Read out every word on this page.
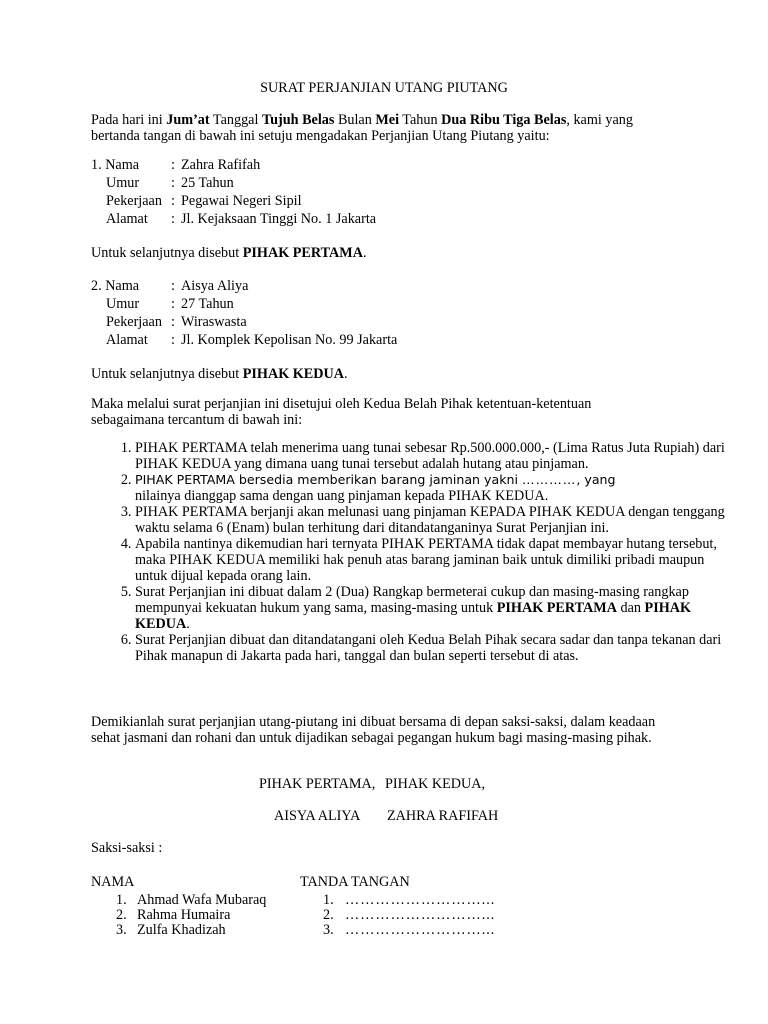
SURAT PERJANJIAN UTANG PIUTANG
Pada hari ini Jum’at Tanggal Tujuh Belas Bulan Mei Tahun Dua Ribu Tiga Belas, kami yang
bertanda tangan di bawah ini setuju mengadakan Perjanjian Utang Piutang yaitu:
1. Nama : Zahra Rafifah
Umur : 25 Tahun
Pekerjaan : Pegawai Negeri Sipil
Alamat : Jl. Kejaksaan Tinggi No. 1 Jakarta
Untuk selanjutnya disebut PIHAK PERTAMA.
2. Nama : Aisya Aliya
Umur : 27 Tahun
Pekerjaan : Wiraswasta
Alamat : Jl. Komplek Kepolisan No. 99 Jakarta
Untuk selanjutnya disebut PIHAK KEDUA.
Maka melalui surat perjanjian ini disetujui oleh Kedua Belah Pihak ketentuan-ketentuan
sebagaimana tercantum di bawah ini:
1. PIHAK PERTAMA telah menerima uang tunai sebesar Rp.500.000.000,- (Lima Ratus Juta Rupiah) dari PIHAK KEDUA yang dimana uang tunai tersebut adalah hutang atau pinjaman.
2. PIHAK PERTAMA bersedia memberikan barang jaminan yakni …………, yang
nilainya dianggap sama dengan uang pinjaman kepada PIHAK KEDUA.
3. PIHAK PERTAMA berjanji akan melunasi uang pinjaman KEPADA PIHAK KEDUA dengan tenggang waktu selama 6 (Enam) bulan terhitung dari ditandatanganinya Surat Perjanjian ini.
4. Apabila nantinya dikemudian hari ternyata PIHAK PERTAMA tidak dapat membayar hutang tersebut, maka PIHAK KEDUA memiliki hak penuh atas barang jaminan baik untuk dimiliki pribadi maupun untuk dijual kepada orang lain.
5. Surat Perjanjian ini dibuat dalam 2 (Dua) Rangkap bermeterai cukup dan masing-masing rangkap mempunyai kekuatan hukum yang sama, masing-masing untuk PIHAK PERTAMA dan PIHAK KEDUA.
6. Surat Perjanjian dibuat dan ditandatangani oleh Kedua Belah Pihak secara sadar dan tanpa tekanan dari Pihak manapun di Jakarta pada hari, tanggal dan bulan seperti tersebut di atas.
Demikianlah surat perjanjian utang-piutang ini dibuat bersama di depan saksi-saksi, dalam keadaan sehat jasmani dan rohani dan untuk dijadikan sebagai pegangan hukum bagi masing-masing pihak.
PIHAK PERTAMA, PIHAK KEDUA,
AISYA ALIYA ZAHRA RAFIFAH
Saksi-saksi :
NAMA	TANDA TANGAN
1. Ahmad Wafa Mubaraq	1. ………………………...
2. Rahma Humaira	2. ………………………...
3. Zulfa Khadizah	3. ………………………...
